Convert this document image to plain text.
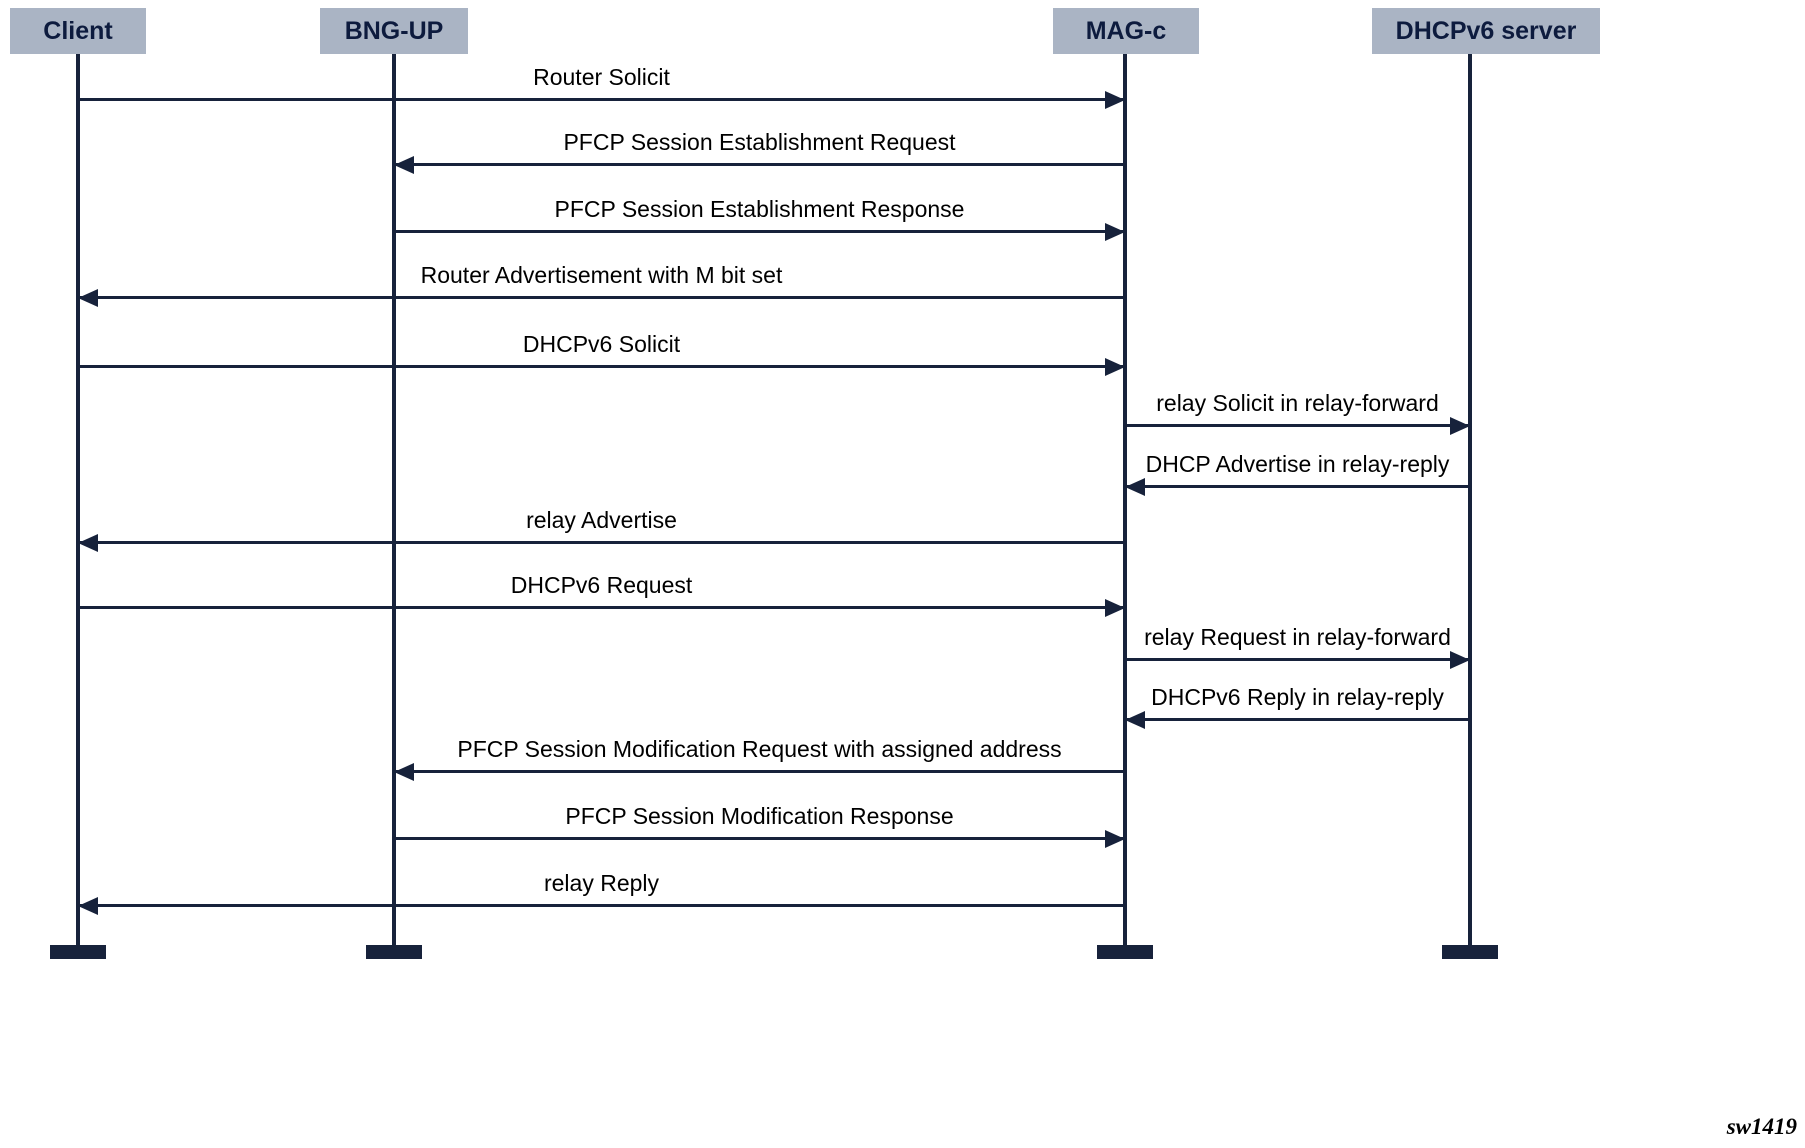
Client	BNG-UP	MAG-c	DHCPv6 server
Router Solicit
PFCP Session Establishment Request
PFCP Session Establishment Response
Router Advertisement with M bit set
DHCPv6 Solicit
relay Solicit in relay-forward
DHCP Advertise in relay-reply
relay Advertise
DHCPv6 Request
relay Request in relay-forward
DHCPv6 Reply in relay-reply
PFCP Session Modification Request with assigned address
PFCP Session Modification Response
relay Reply
sw1419
